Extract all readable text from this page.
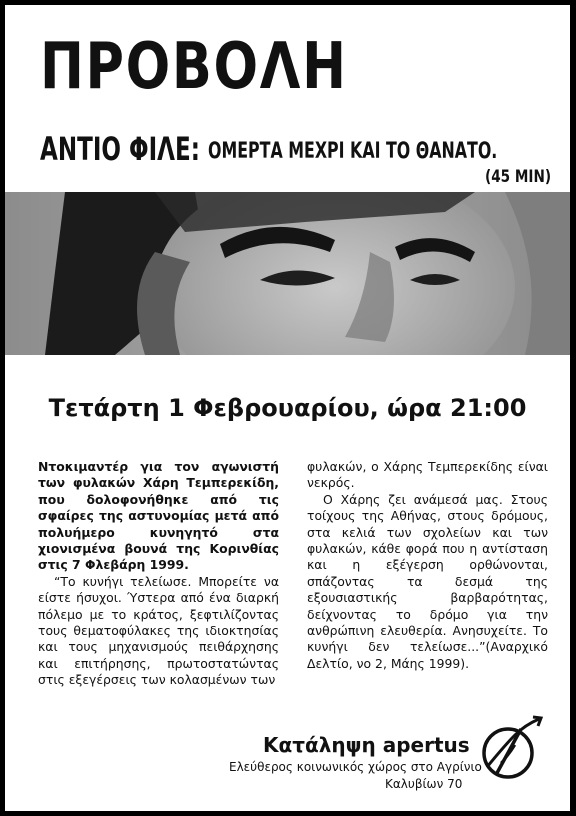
ΠΡΟΒΟΛΗ
ΑΝΤΙΟ ΦΙΛΕ: ΟΜΕΡΤΑ ΜΕΧΡΙ ΚΑΙ ΤΟ ΘΑΝΑΤΟ.
(45 MIN)
Τετάρτη 1 Φεβρουαρίου, ώρα 21:00

Ντοκιμαντέρ για τον αγωνιστή των φυλακών Χάρη Τεμπερεκίδη, που δολοφονήθηκε από τις σφαίρες της αστυνομίας μετά από πολυήμερο κυνηγητό στα χιονισμένα βουνά της Κορινθίας στις 7 Φλεβάρη 1999.

“Το κυνήγι τελείωσε. Μπορείτε να είστε ήσυχοι. Ύστερα από ένα διαρκή πόλεμο με το κράτος, ξεφτιλίζοντας τους θεματοφύλακες της ιδιοκτησίας και τους μηχανισμούς πειθάρχησης και επιτήρησης, πρωτοστατώντας στις εξεγέρσεις των κολασμένων των

φυλακών, ο Χάρης Τεμπερεκίδης είναι νεκρός.

Ο Χάρης ζει ανάμεσά μας. Στους τοίχους της Αθήνας, στους δρόμους, στα κελιά των σχολείων και των φυλακών, κάθε φορά που η αντίσταση και η εξέγερση ορθώνονται, σπάζοντας τα δεσμά της εξουσιαστικής βαρβαρότητας, δείχνοντας το δρόμο για την ανθρώπινη ελευθερία. Ανησυχείτε. Το κυνήγι δεν τελείωσε...”(Αναρχικό Δελτίο, νο 2, Μάης 1999).

Κατάληψη apertus
Ελεύθερος κοινωνικός χώρος στο Αγρίνιο
Καλυβίων 70
